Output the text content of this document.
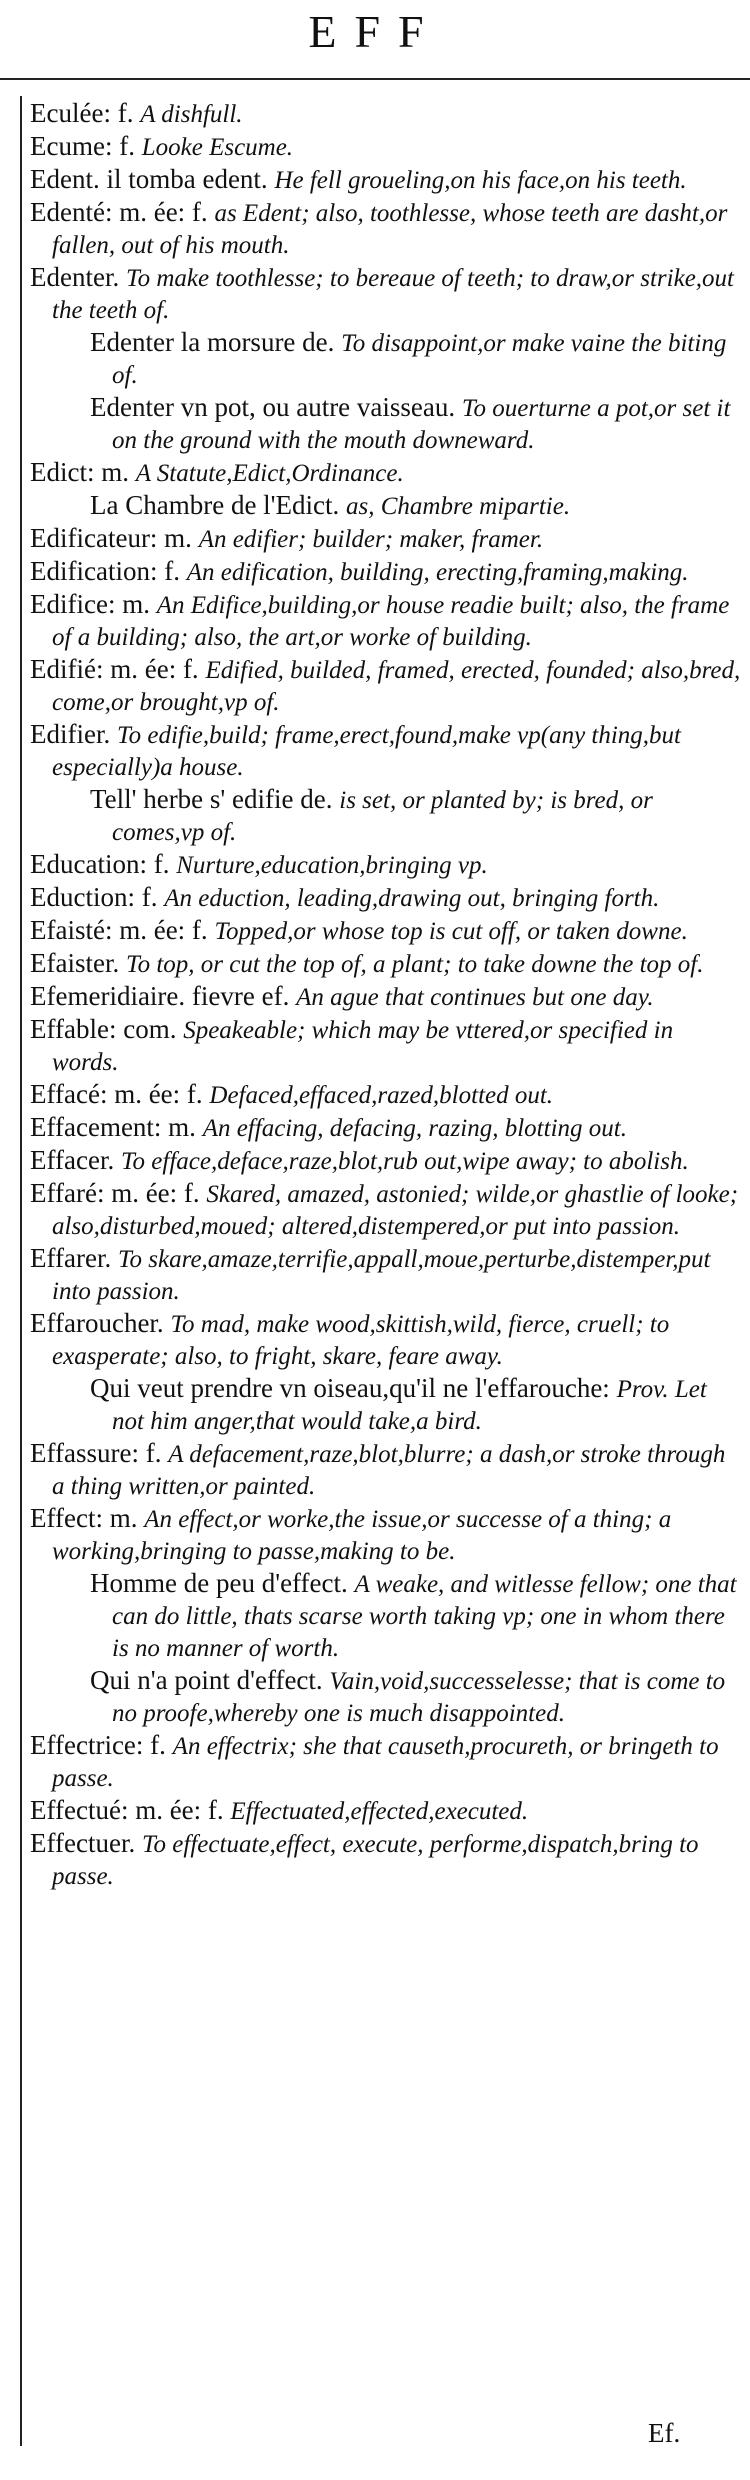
EFF
Eculée: f. A dishfull.
Ecume: f. Looke Escume.
Edent. il tomba edent. He fell groueling,on his face,on his teeth.
Edenté: m. ée: f. as Edent; also, toothlesse, whose teeth are dasht,or fallen, out of his mouth.
Edenter. To make toothlesse; to bereaue of teeth; to draw,or strike,out the teeth of.
Edenter la morsure de. To disappoint,or make vaine the biting of.
Edenter vn pot, ou autre vaisseau. To ouerturne a pot,or set it on the ground with the mouth downeward.
Edict: m. A Statute,Edict,Ordinance.
La Chambre de l'Edict. as, Chambre mipartie.
Edificateur: m. An edifier; builder; maker, framer.
Edification: f. An edification, building, erecting,framing,making.
Edifice: m. An Edifice,building,or house readie built; also, the frame of a building; also, the art,or worke of building.
Edifié: m. ée: f. Edified, builded, framed, erected, founded; also,bred, come,or brought,vp of.
Edifier. To edifie,build; frame,erect,found,make vp(any thing,but especially)a house.
Tell' herbe s' edifie de. is set, or planted by; is bred, or comes,vp of.
Education: f. Nurture,education,bringing vp.
Eduction: f. An eduction, leading,drawing out, bringing forth.
Efaisté: m. ée: f. Topped,or whose top is cut off, or taken downe.
Efaister. To top, or cut the top of, a plant; to take downe the top of.
Efemeridiaire. fievre ef. An ague that continues but one day.
Effable: com. Speakeable; which may be vttered,or specified in words.
Effacé: m. ée: f. Defaced,effaced,razed,blotted out.
Effacement: m. An effacing, defacing, razing, blotting out.
Effacer. To efface,deface,raze,blot,rub out,wipe away; to abolish.
Effaré: m. ée: f. Skared, amazed, astonied; wilde,or ghastlie of looke; also,disturbed,moued; altered,distempered,or put into passion.
Effarer. To skare,amaze,terrifie,appall,moue,perturbe,distemper,put into passion.
Effaroucher. To mad, make wood,skittish,wild, fierce, cruell; to exasperate; also, to fright, skare, feare away.
Qui veut prendre vn oiseau,qu'il ne l'effarouche: Prov. Let not him anger,that would take,a bird.
Effassure: f. A defacement,raze,blot,blurre; a dash,or stroke through a thing written,or painted.
Effect: m. An effect,or worke,the issue,or successe of a thing; a working,bringing to passe,making to be.
Homme de peu d'effect. A weake, and witlesse fellow; one that can do little, thats scarse worth taking vp; one in whom there is no manner of worth.
Qui n'a point d'effect. Vain,void,successelesse; that is come to no proofe,whereby one is much disappointed.
Effectrice: f. An effectrix; she that causeth,procureth, or bringeth to passe.
Effectué: m. ée: f. Effectuated,effected,executed.
Effectuer. To effectuate,effect, execute, performe,dispatch,bring to passe.
Ef.
